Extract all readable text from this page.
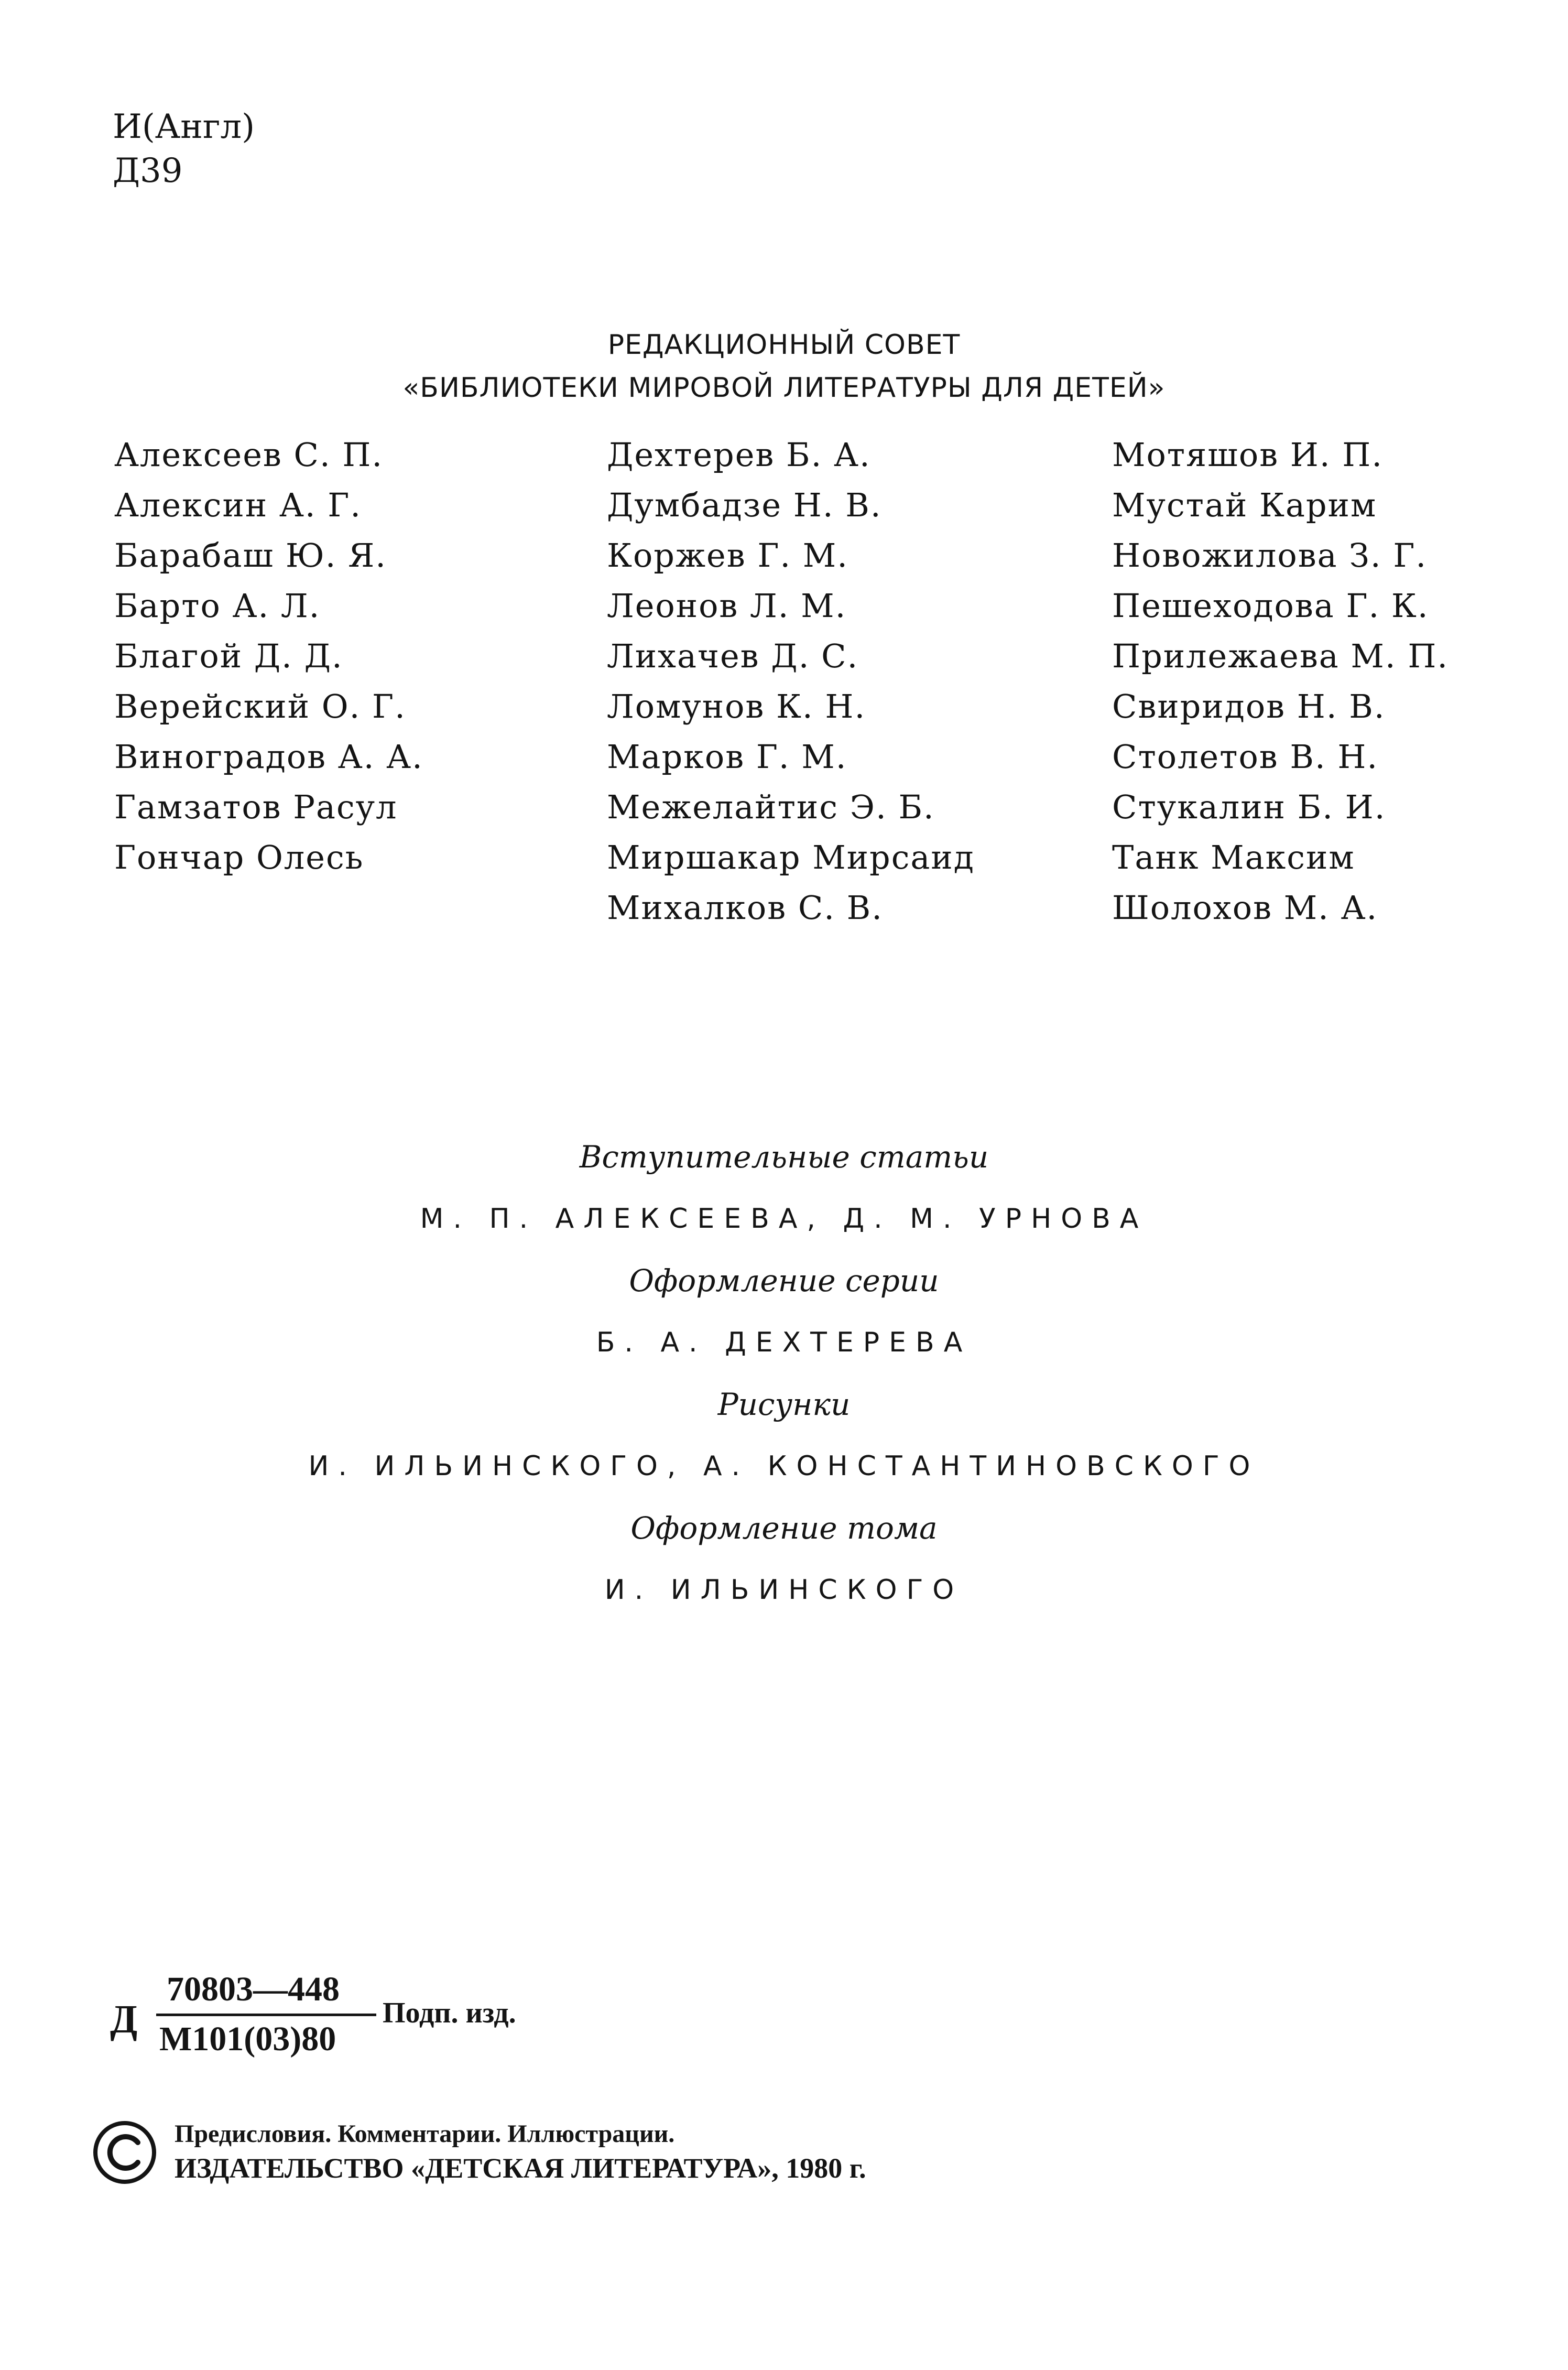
И(Англ)
Д39
РЕДАКЦИОННЫЙ СОВЕТ
«БИБЛИОТЕКИ МИРОВОЙ ЛИТЕРАТУРЫ ДЛЯ ДЕТЕЙ»
Алексеев С. П.
Алексин А. Г.
Барабаш Ю. Я.
Барто А. Л.
Благой Д. Д.
Верейский О. Г.
Виноградов А. А.
Гамзатов Расул
Гончар Олесь
Дехтерев Б. А.
Думбадзе Н. В.
Коржев Г. М.
Леонов Л. М.
Лихачев Д. С.
Ломунов К. Н.
Марков Г. М.
Межелайтис Э. Б.
Миршакар Мирсаид
Михалков С. В.
Мотяшов И. П.
Мустай Карим
Новожилова З. Г.
Пешеходова Г. К.
Прилежаева М. П.
Свиридов Н. В.
Столетов В. Н.
Стукалин Б. И.
Танк Максим
Шолохов М. А.
Вступительные статьи
М. П. АЛЕКСЕЕВА, Д. М. УРНОВА
Оформление серии
Б. А. ДЕХТЕРЕВА
Рисунки
И. ИЛЬИНСКОГО, А. КОНСТАНТИНОВСКОГО
Оформление тома
И. ИЛЬИНСКОГО
Д
70803—448
М101(03)80
Подп. изд.
Предисловия. Комментарии. Иллюстрации.
ИЗДАТЕЛЬСТВО «ДЕТСКАЯ ЛИТЕРАТУРА», 1980 г.
